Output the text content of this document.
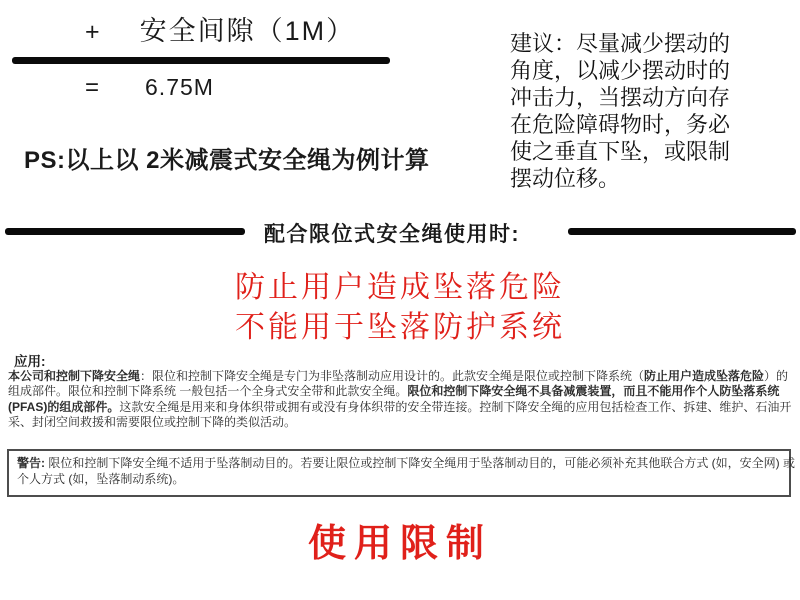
+ 安全间隙（1M）
= 6.75M
PS:以上以 2米减震式安全绳为例计算
建议：尽量减少摆动的
角度，以减少摆动时的
冲击力，当摆动方向存
在危险障碍物时，务必
使之垂直下坠，或限制
摆动位移。
配合限位式安全绳使用时:
防止用户造成坠落危险
不能用于坠落防护系统
应用:
本公司和控制下降安全绳：限位和控制下降安全绳是专门为非坠落制动应用设计的。此款安全绳是限位或控制下降系统（防止用户造成坠落危险）的
组成部件。限位和控制下降系统 一般包括一个全身式安全带和此款安全绳。限位和控制下降安全绳不具备减震装置，而且不能用作个人防坠落系统
(PFAS)的组成部件。这款安全绳是用来和身体织带或拥有或没有身体织带的安全带连接。控制下降安全绳的应用包括检查工作、拆建、维护、石油开
采、封闭空间救援和需要限位或控制下降的类似活动。
警告: 限位和控制下降安全绳不适用于坠落制动目的。若要让限位或控制下降安全绳用于坠落制动目的，可能必须补充其他联合方式 (如，安全网) 或
个人方式 (如，坠落制动系统)。
使用限制
